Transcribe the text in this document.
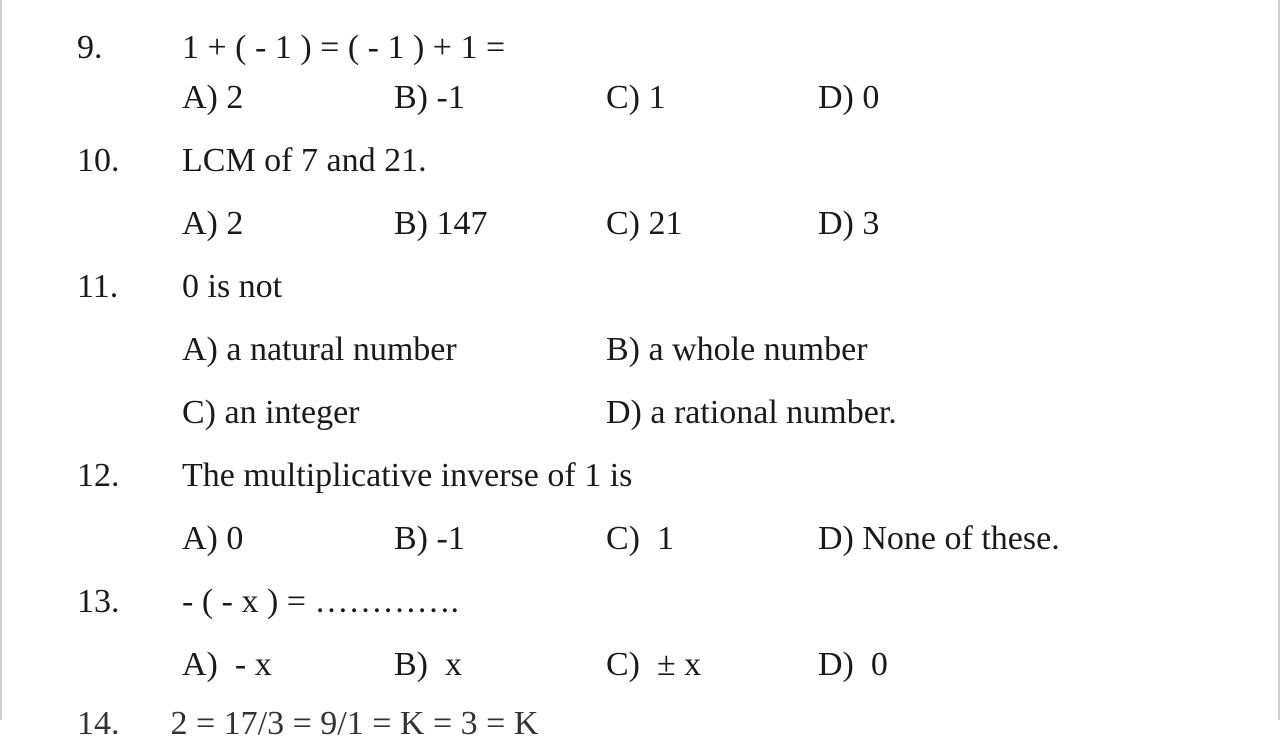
9. 1 + ( - 1 ) = ( - 1 ) + 1 =
A) 2	B) -1	C) 1	D) 0
10. LCM of 7 and 21.
A) 2	B) 147	C) 21	D) 3
11. 0 is not
A) a natural number	B) a whole number
C) an integer	D) a rational number.
12. The multiplicative inverse of 1 is
A) 0	B) -1	C)  1	D) None of these.
13. - ( - x ) = ………….
A)  - x	B)  x	C)  ± x	D)  0
14.      2 = 17/3 = 9/1 = K = 3 = K
